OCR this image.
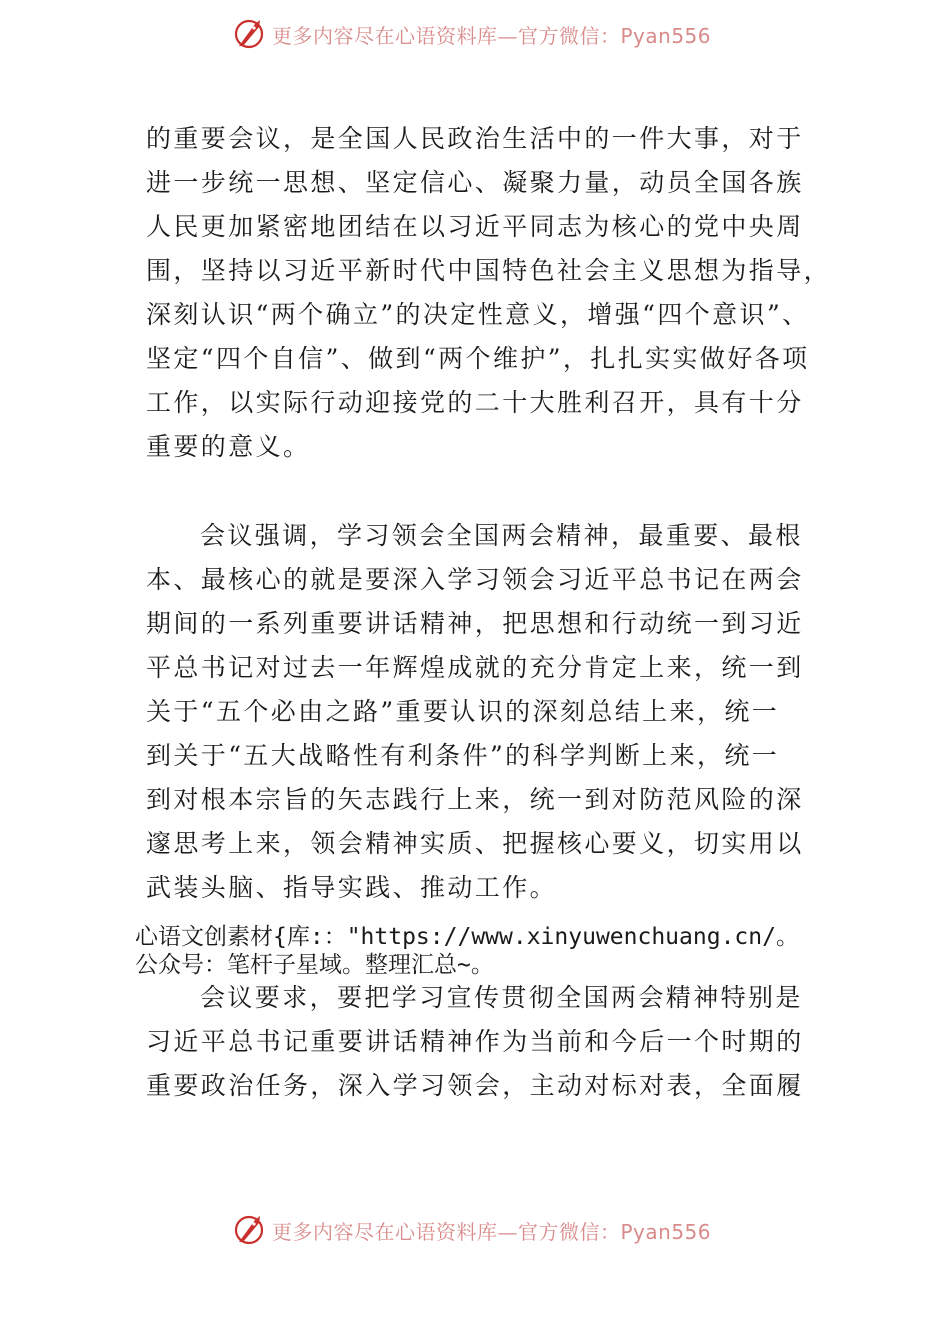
更多内容尽在心语资料库—官方微信：Pyan556
的重要会议，是全国人民政治生活中的一件大事，对于
进一步统一思想、坚定信心、凝聚力量，动员全国各族
人民更加紧密地团结在以习近平同志为核心的党中央周
围，坚持以习近平新时代中国特色社会主义思想为指导，
深刻认识“两个确立”的决定性意义，增强“四个意识”、
坚定“四个自信”、做到“两个维护”，扎扎实实做好各项
工作，以实际行动迎接党的二十大胜利召开，具有十分
重要的意义。
会议强调，学习领会全国两会精神，最重要、最根
本、最核心的就是要深入学习领会习近平总书记在两会
期间的一系列重要讲话精神，把思想和行动统一到习近
平总书记对过去一年辉煌成就的充分肯定上来，统一到
关于“五个必由之路”重要认识的深刻总结上来，统一
到关于“五大战略性有利条件”的科学判断上来，统一
到对根本宗旨的矢志践行上来，统一到对防范风险的深
邃思考上来，领会精神实质、把握核心要义，切实用以
武装头脑、指导实践、推动工作。
心语文创素材{库:："https://www.xinyuwenchuang.cn/。
公众号：笔杆子星域。整理汇总~。
会议要求，要把学习宣传贯彻全国两会精神特别是
习近平总书记重要讲话精神作为当前和今后一个时期的
重要政治任务，深入学习领会，主动对标对表，全面履
更多内容尽在心语资料库—官方微信：Pyan556
